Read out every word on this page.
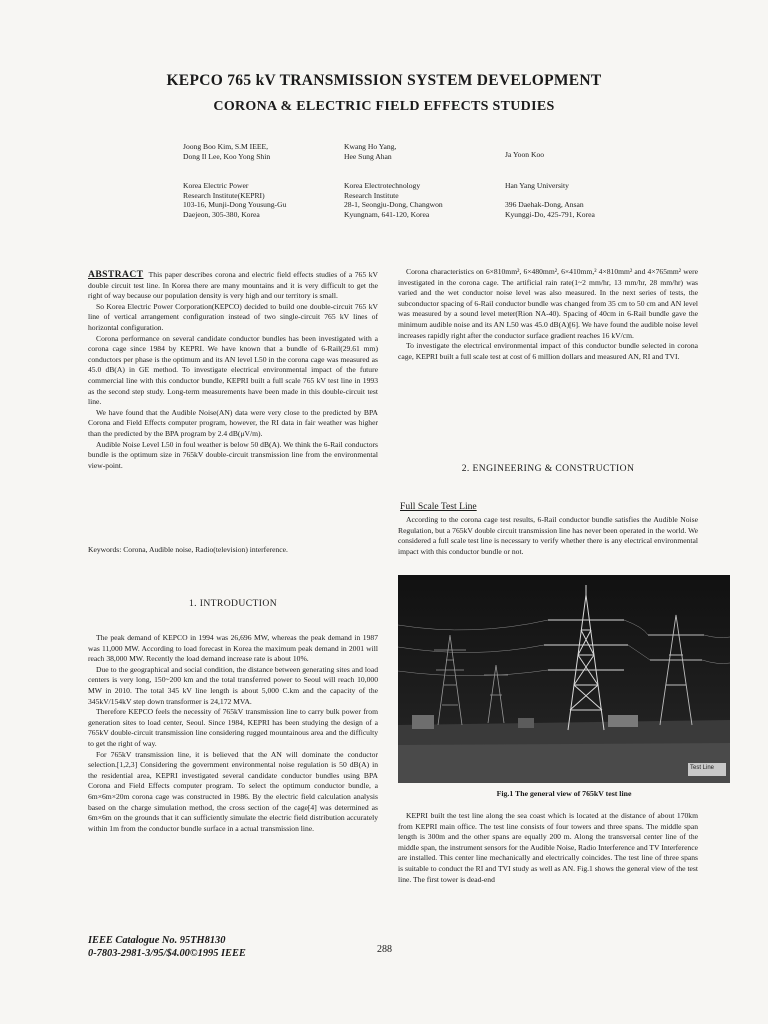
KEPCO 765 kV TRANSMISSION SYSTEM DEVELOPMENT
CORONA & ELECTRIC FIELD EFFECTS STUDIES
Joong Boo Kim, S.M IEEE,
Dong Il Lee, Koo Yong Shin
Korea Electric Power
Research Institute(KEPRI)
103-16, Munji-Dong Yousung-Gu
Daejeon, 305-380, Korea
Kwang Ho Yang,
Hee Sung Ahan
Korea Electrotechnology
Research Institute
28-1, Seongju-Dong, Changwon
Kyungnam, 641-120, Korea
Ja Yoon Koo
Han Yang University

396 Daehak-Dong, Ansan
Kyunggi-Do, 425-791, Korea

ABSTRACT This paper describes corona and electric field effects studies of a 765 kV double circuit test line. In Korea there are many mountains and it is very difficult to get the right of way because our population density is very high and our territory is small.

So Korea Electric Power Corporation(KEPCO) decided to build one double-circuit 765 kV line of vertical arrangement configuration instead of two single-circuit 765 kV lines of horizontal configuration.

Corona performance on several candidate conductor bundles has been investigated with a corona cage since 1984 by KEPRI. We have known that a bundle of 6-Rail(29.61 mm) conductors per phase is the optimum and its AN level L50 in the corona cage was measured as 45.0 dB(A) in GE method. To investigate electrical environmental impact of the future commercial line with this conductor bundle, KEPRI built a full scale 765 kV test line in 1993 as the second step study. Long-term measurements have been made in this double-circuit test line.

We have found that the Audible Noise(AN) data were very close to the predicted by BPA Corona and Field Effects computer program, however, the RI data in fair weather was higher than the predicted by the BPA program by 2.4 dB(μV/m).

Audible Noise Level L50 in foul weather is below 50 dB(A). We think the 6-Rail conductors bundle is the optimum size in 765kV double-circuit transmission line from the environmental view-point.

Keywords: Corona, Audible noise, Radio(television) interference.
1. INTRODUCTION

The peak demand of KEPCO in 1994 was 26,696 MW, whereas the peak demand in 1987 was 11,000 MW. According to load forecast in Korea the maximum peak demand in 2001 will reach 38,000 MW. Recently the load demand increase rate is about 10%.

Due to the geographical and social condition, the distance between generating sites and load centers is very long, 150~200 km and the total transferred power to Seoul will reach 10,000 MW in 2010. The total 345 kV line length is about 5,000 C.km and the capacity of the 345kV/154kV step down transformer is 24,172 MVA.

Therefore KEPCO feels the necessity of 765kV transmission line to carry bulk power from generation sites to load center, Seoul. Since 1984, KEPRI has been studying the design of a 765kV double-circuit transmission line considering rugged mountainous area and the difficulty to get the right of way.

For 765kV transmission line, it is believed that the AN will dominate the conductor selection.[1,2,3] Considering the government environmental noise regulation is 50 dB(A) in the residential area, KEPRI investigated several candidate conductor bundles using BPA Corona and Field Effects computer program. To select the optimum conductor bundle, a 6m×6m×20m corona cage was constructed in 1986. By the electric field calculation analysis based on the charge simulation method, the cross section of the cage[4] was determined as 6m×6m on the grounds that it can sufficiently simulate the electric field distribution accurately within 1m from the conductor bundle surface in a actual transmission line.

Corona characteristics on 6×810mm², 6×480mm², 6×410mm,² 4×810mm² and 4×765mm² were investigated in the corona cage. The artificial rain rate(1~2 mm/hr, 13 mm/hr, 28 mm/hr) was varied and the wet conductor noise level was also measured. In the next series of tests, the subconductor spacing of 6-Rail conductor bundle was changed from 35 cm to 50 cm and AN level was measured by a sound level meter(Rion NA-40). Spacing of 40cm in 6-Rail bundle gave the minimum audible noise and its AN L50 was 45.0 dB(A)[6]. We have found the audible noise level increases rapidly right after the conductor surface gradient reaches 16 kV/cm.

To investigate the electrical environmental impact of this conductor bundle selected in corona cage, KEPRI built a full scale test at cost of 6 million dollars and measured AN, RI and TVI.

2. ENGINEERING & CONSTRUCTION
Full Scale Test Line

According to the corona cage test results, 6-Rail conductor bundle satisfies the Audible Noise Regulation, but a 765kV double circuit transmission line has never been operated in the world. We considered a full scale test line is necessary to verify whether there is any electrical environmental impact with this conductor bundle or not.

Test Line
Fig.1 The general view of 765kV test line

KEPRI built the test line along the sea coast which is located at the distance of about 170km from KEPRI main office. The test line consists of four towers and three spans. The middle span length is 300m and the other spans are equally 200 m. Along the transversal center line of the middle span, the instrument sensors for the Audible Noise, Radio Interference and TV Interference are installed. This center line mechanically and electrically coincides. The test line of three spans is suitable to conduct the RI and TVI study as well as AN. Fig.1 shows the general view of the test line. The first tower is dead-end

IEEE Catalogue No. 95TH8130
0-7803-2981-3/95/$4.00©1995 IEEE	288
